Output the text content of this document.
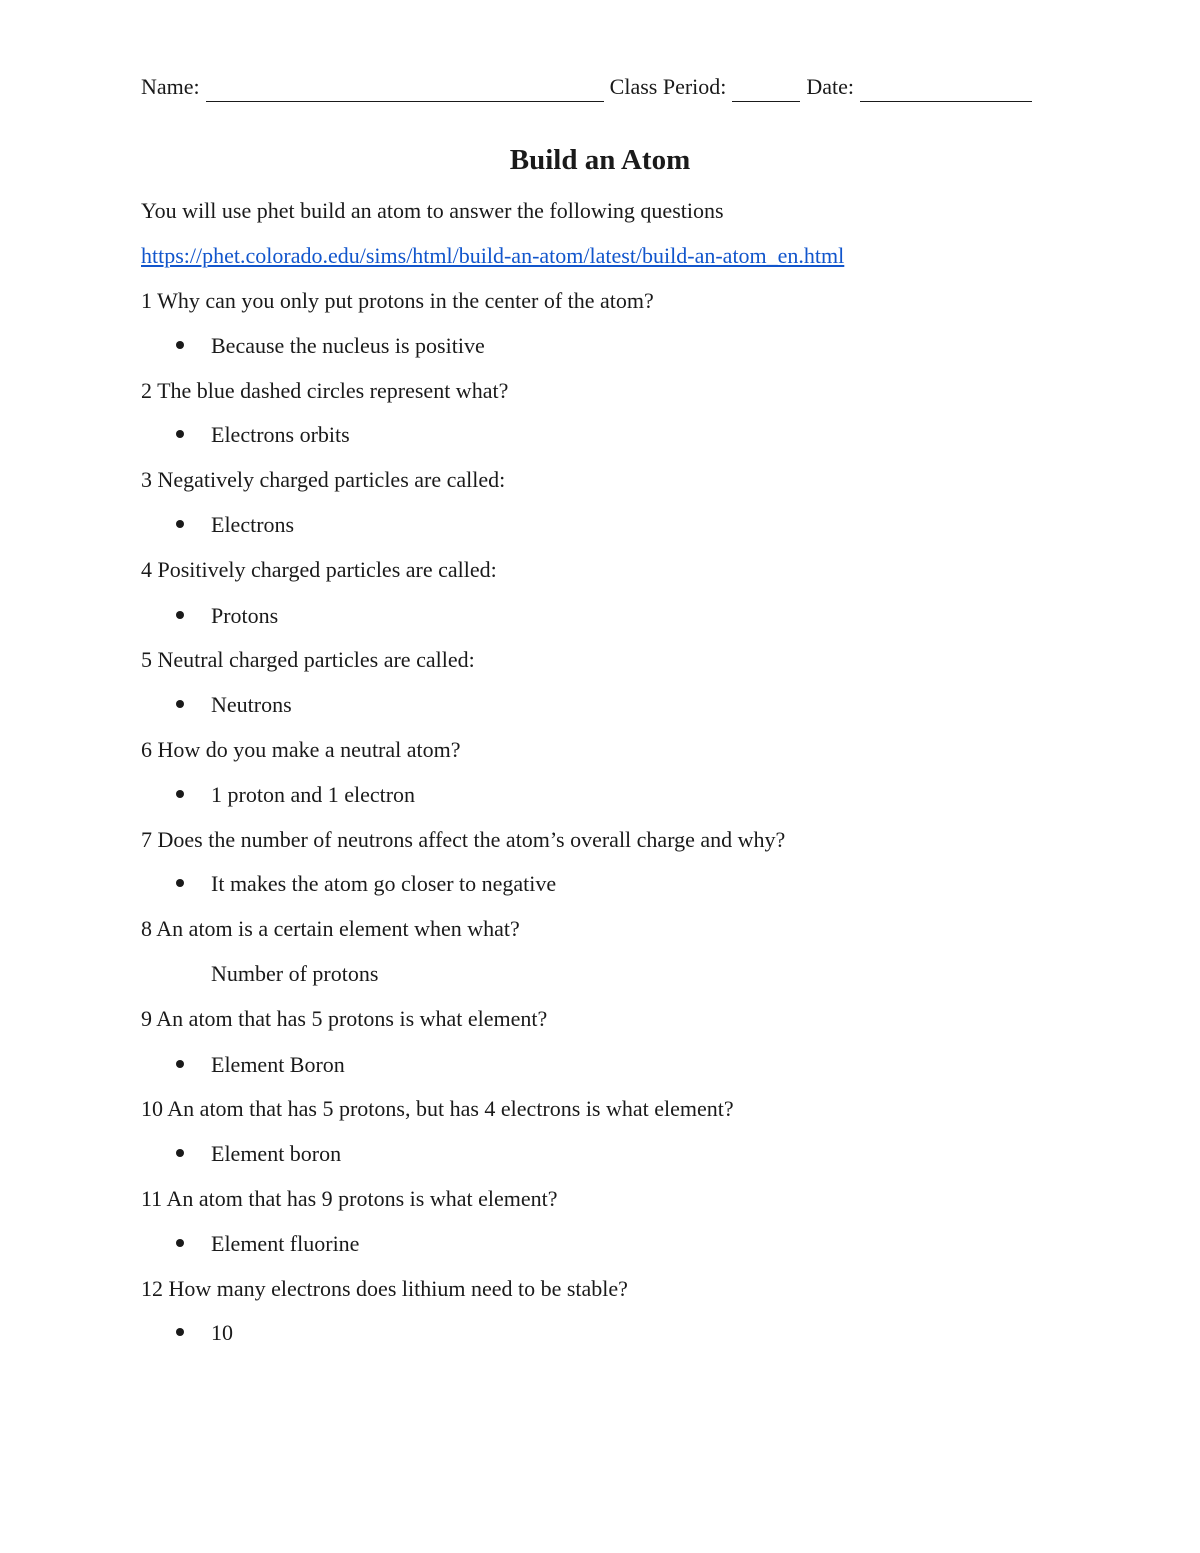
Name:	Class Period:	Date:
Build an Atom
You will use phet build an atom to answer the following questions
https://phet.colorado.edu/sims/html/build-an-atom/latest/build-an-atom_en.html
1 Why can you only put protons in the center of the atom?
Because the nucleus is positive
2 The blue dashed circles represent what?
Electrons orbits
3 Negatively charged particles are called:
Electrons
4 Positively charged particles are called:
Protons
5 Neutral charged particles are called:
Neutrons
6 How do you make a neutral atom?
1 proton and 1 electron
7 Does the number of neutrons affect the atom’s overall charge and why?
It makes the atom go closer to negative
8 An atom is a certain element when what?
Number of protons
9 An atom that has 5 protons is what element?
Element Boron
10 An atom that has 5 protons, but has 4 electrons is what element?
Element boron
11 An atom that has 9 protons is what element?
Element fluorine
12 How many electrons does lithium need to be stable?
10
